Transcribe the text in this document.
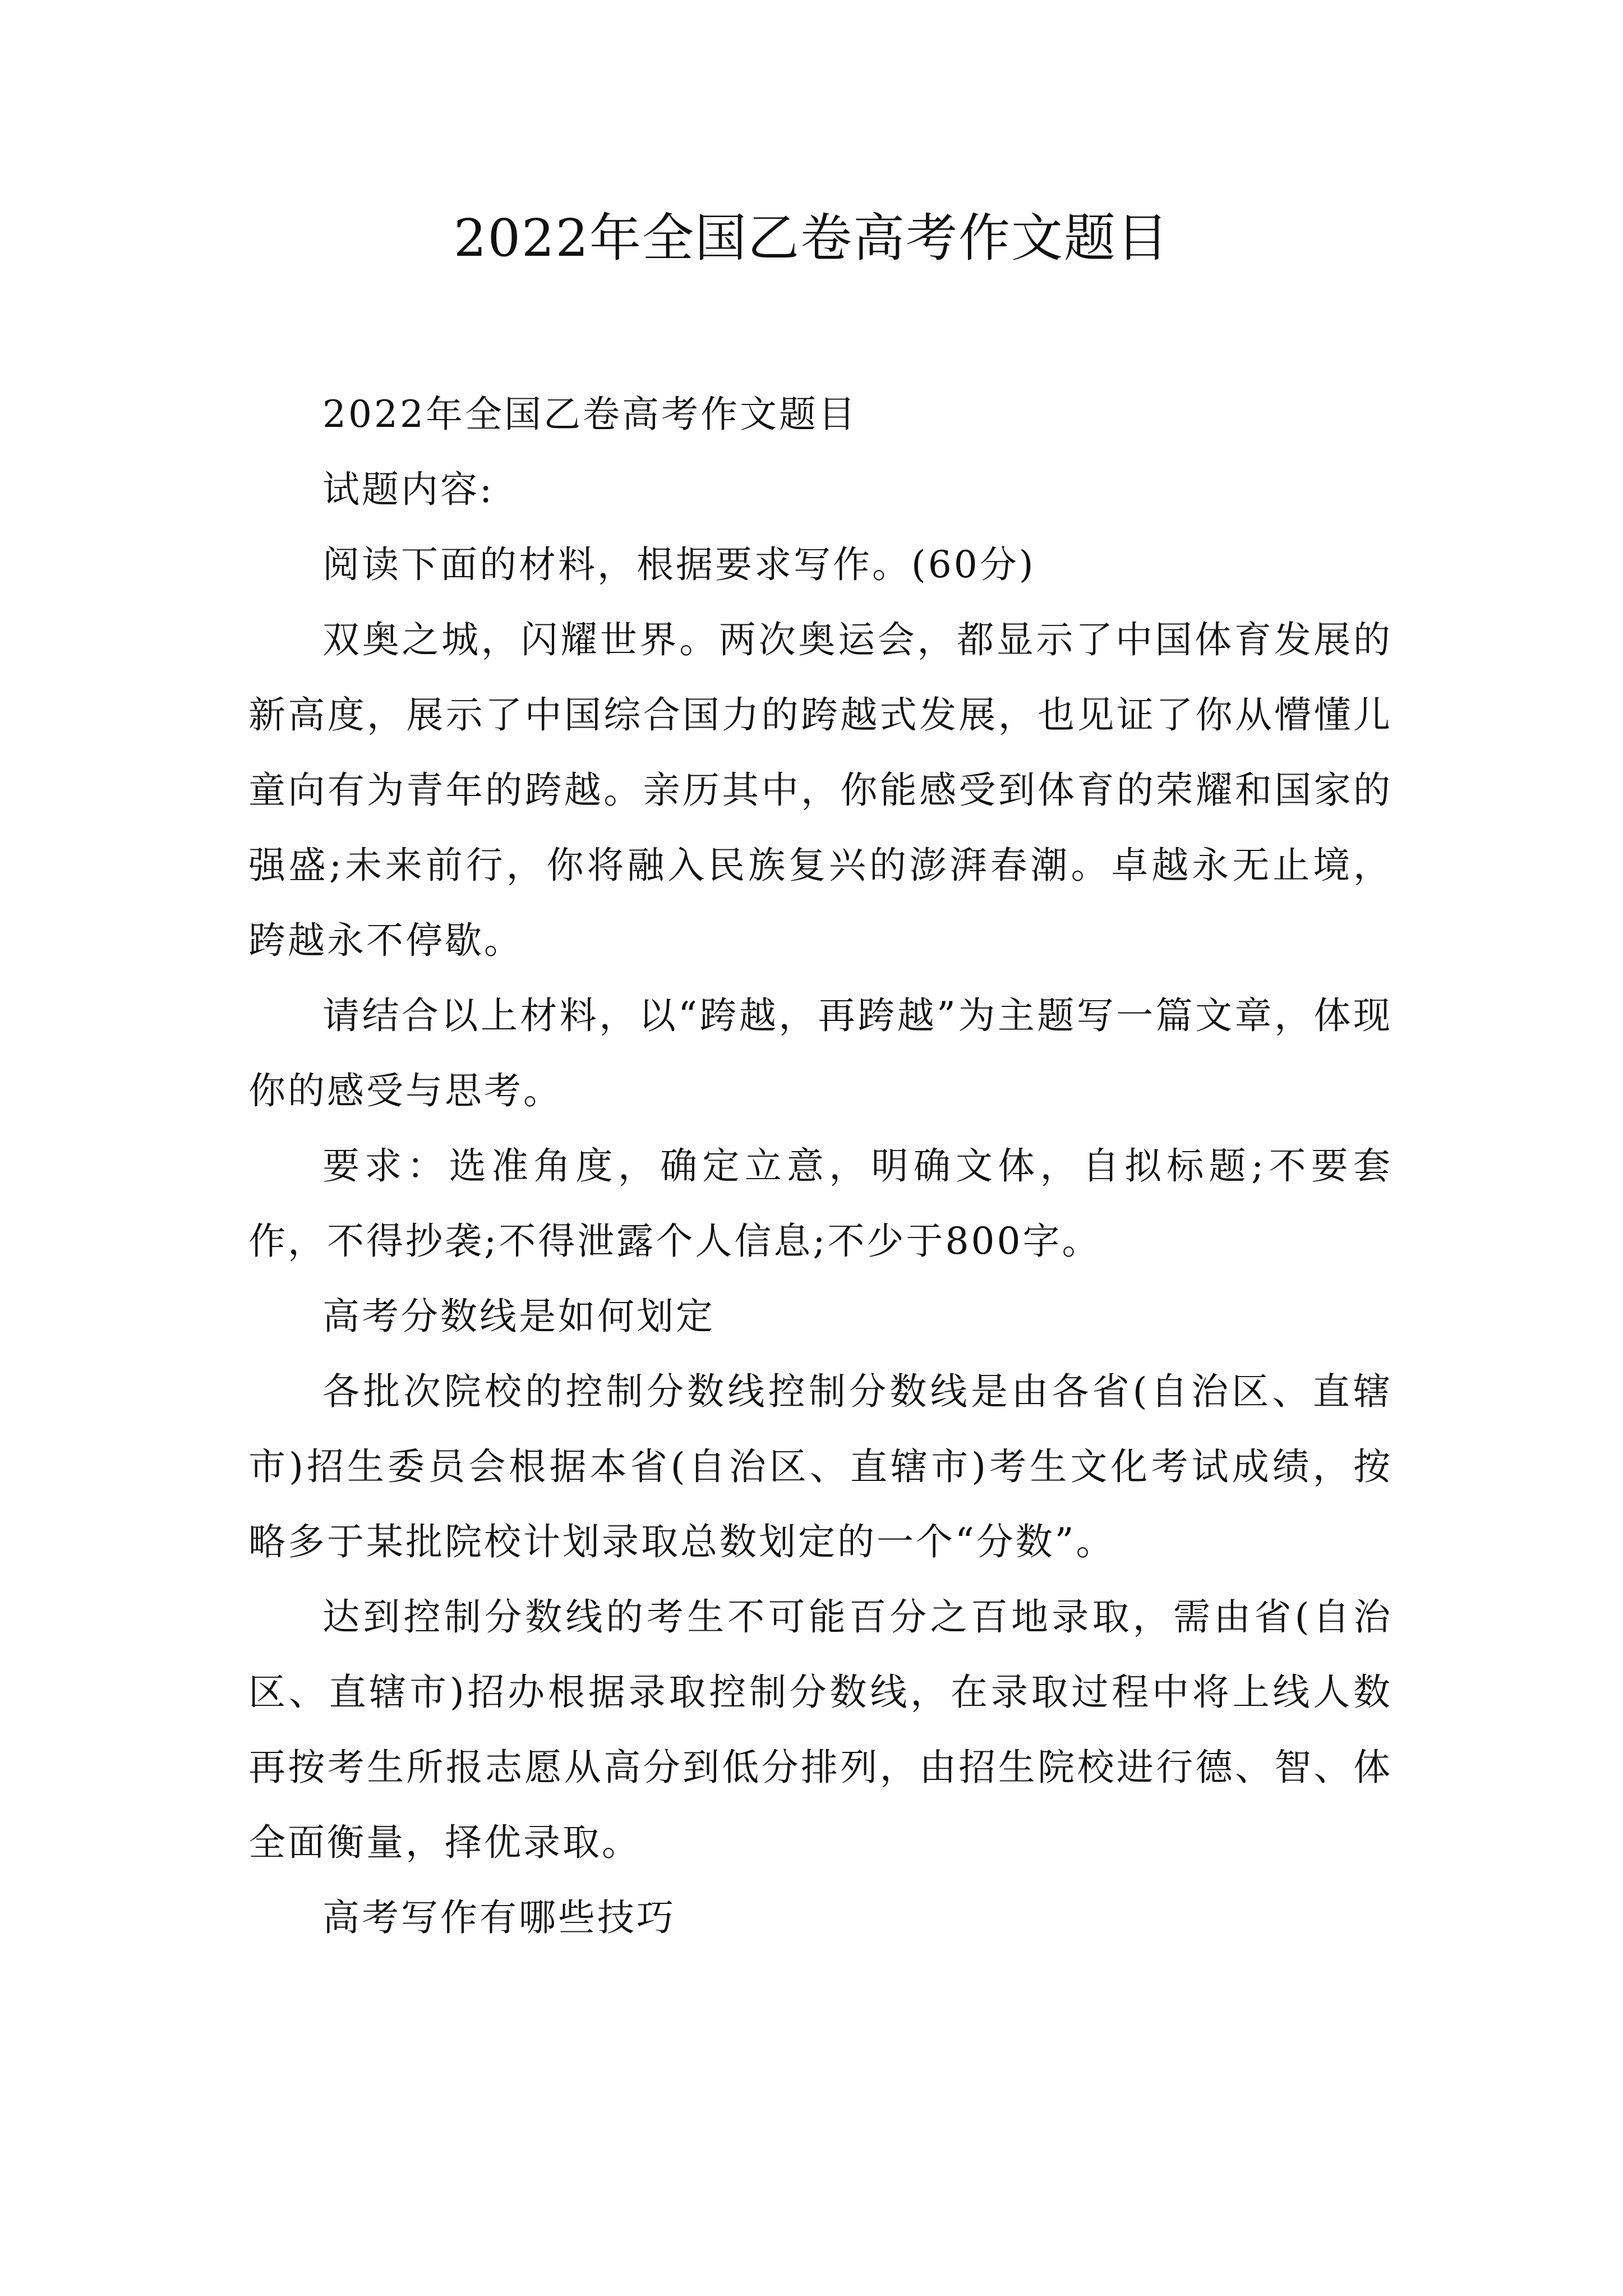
2022年全国乙卷高考作文题目

2022年全国乙卷高考作文题目

试题内容:

阅读下面的材料，根据要求写作。(60分)

双奥之城，闪耀世界。两次奥运会，都显示了中国体育发展的新高度，展示了中国综合国力的跨越式发展，也见证了你从懵懂儿童向有为青年的跨越。亲历其中，你能感受到体育的荣耀和国家的强盛;未来前行，你将融入民族复兴的澎湃春潮。卓越永无止境，跨越永不停歇。

请结合以上材料，以“跨越，再跨越”为主题写一篇文章，体现你的感受与思考。

要求：选准角度，确定立意，明确文体，自拟标题;不要套作，不得抄袭;不得泄露个人信息;不少于800字。

高考分数线是如何划定

各批次院校的控制分数线控制分数线是由各省(自治区、直辖市)招生委员会根据本省(自治区、直辖市)考生文化考试成绩，按略多于某批院校计划录取总数划定的一个“分数”。

达到控制分数线的考生不可能百分之百地录取，需由省(自治区、直辖市)招办根据录取控制分数线，在录取过程中将上线人数再按考生所报志愿从高分到低分排列，由招生院校进行德、智、体全面衡量，择优录取。

高考写作有哪些技巧
